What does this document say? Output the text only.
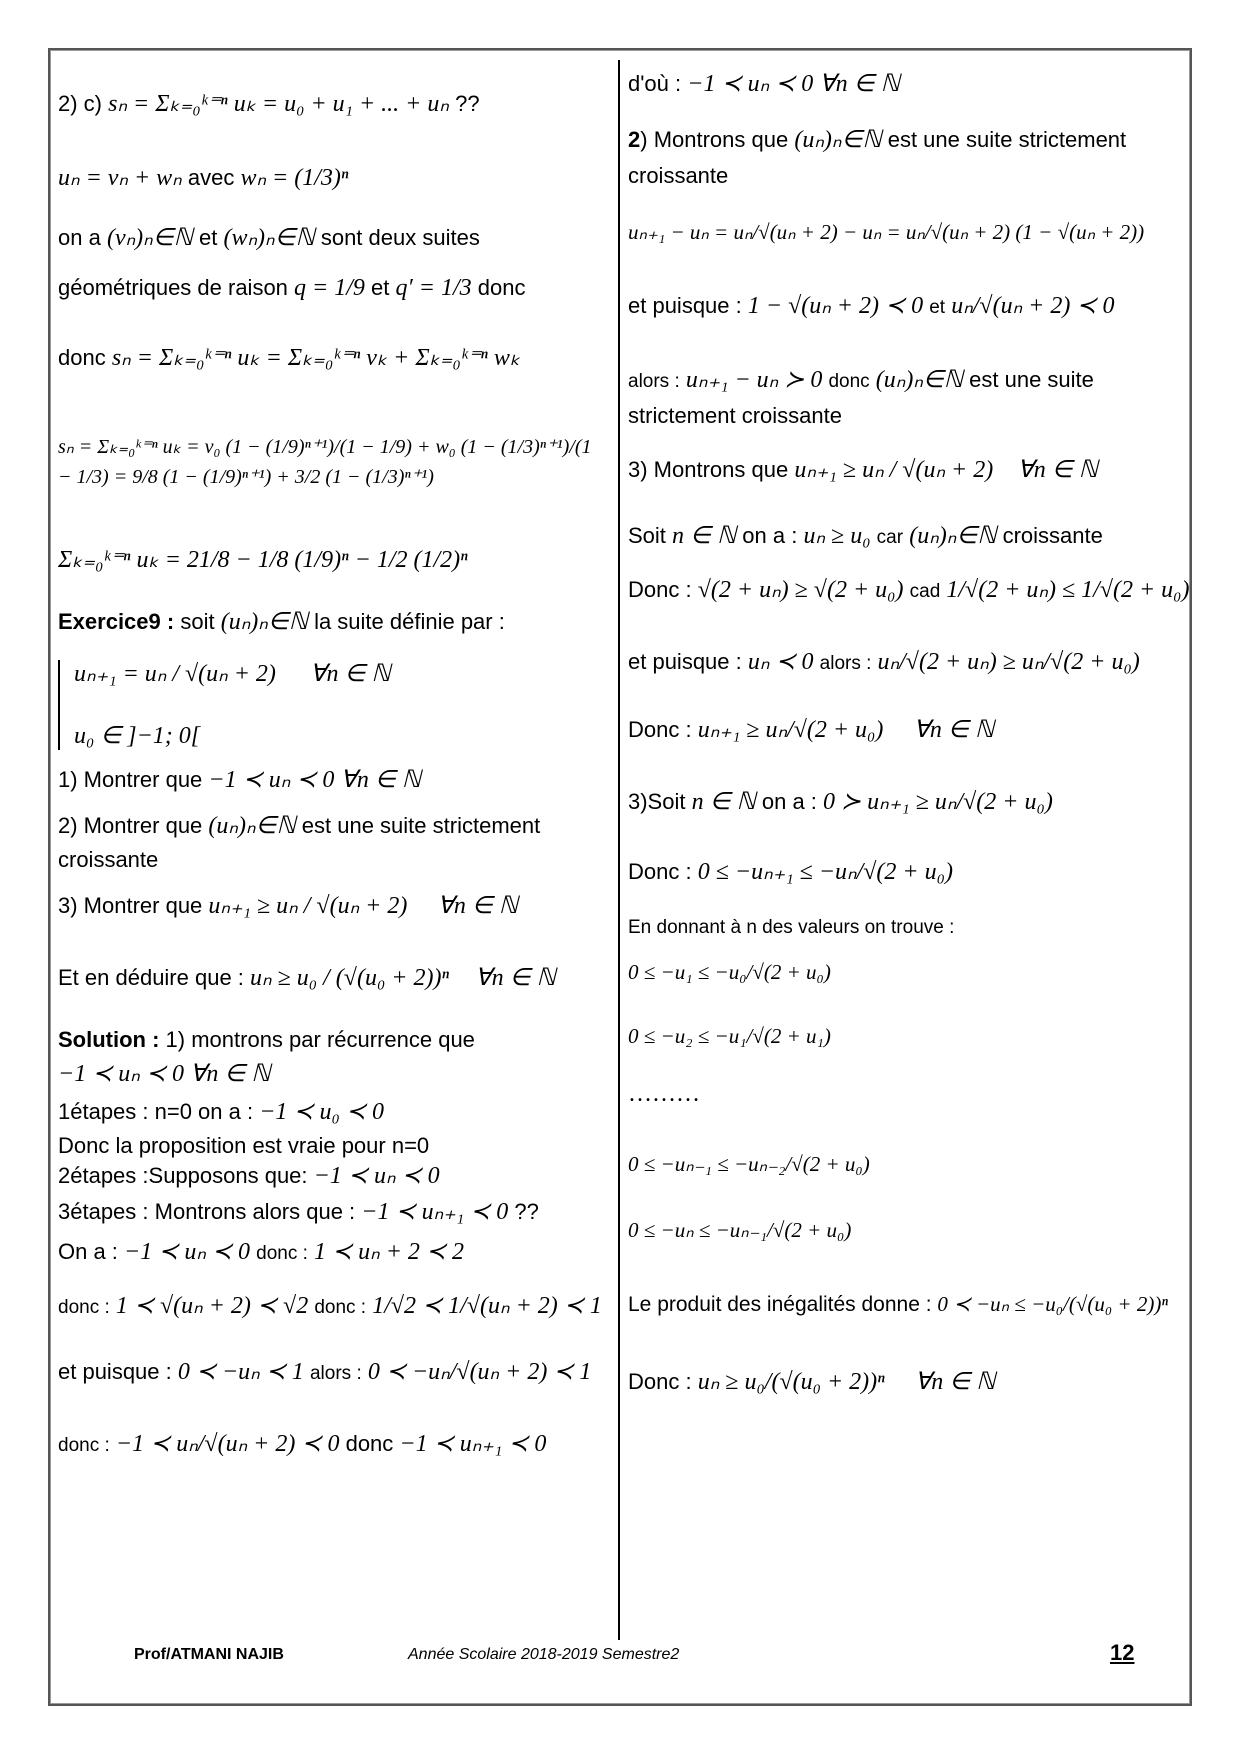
2) c) sₙ = Σₖ₌₀ᵏ⁼ⁿ uₖ = u₀ + u₁ + ... + uₙ ??
uₙ = vₙ + wₙ avec wₙ = (1/3)ⁿ
on a (vₙ)ₙ∈ℕ et (wₙ)ₙ∈ℕ sont deux suites
géométriques de raison q = 1/9 et q′ = 1/3 donc
donc sₙ = Σₖ₌₀ᵏ⁼ⁿ uₖ = Σₖ₌₀ᵏ⁼ⁿ vₖ + Σₖ₌₀ᵏ⁼ⁿ wₖ
sₙ = Σₖ₌₀ᵏ⁼ⁿ uₖ = v₀ (1 − (1/9)ⁿ⁺¹)/(1 − 1/9) + w₀ (1 − (1/3)ⁿ⁺¹)/(1 − 1/3) = 9/8 (1 − (1/9)ⁿ⁺¹) + 3/2 (1 − (1/3)ⁿ⁺¹)
Σₖ₌₀ᵏ⁼ⁿ uₖ = 21/8 − 1/8 (1/9)ⁿ − 1/2 (1/2)ⁿ
Exercice9 : soit (uₙ)ₙ∈ℕ la suite définie par :
uₙ₊₁ = uₙ / √(uₙ + 2) ∀n ∈ ℕ
u₀ ∈ ]−1; 0[
1) Montrer que −1 ≺ uₙ ≺ 0 ∀n ∈ ℕ
2) Montrer que (uₙ)ₙ∈ℕ est une suite strictement
croissante
3) Montrer que uₙ₊₁ ≥ uₙ / √(uₙ + 2) ∀n ∈ ℕ
Et en déduire que : uₙ ≥ u₀ / (√(u₀ + 2))ⁿ ∀n ∈ ℕ
Solution : 1) montrons par récurrence que
−1 ≺ uₙ ≺ 0 ∀n ∈ ℕ
1étapes : n=0 on a : −1 ≺ u₀ ≺ 0
Donc la proposition est vraie pour n=0
2étapes :Supposons que: −1 ≺ uₙ ≺ 0
3étapes : Montrons alors que : −1 ≺ uₙ₊₁ ≺ 0 ??
On a : −1 ≺ uₙ ≺ 0 donc : 1 ≺ uₙ + 2 ≺ 2
donc : 1 ≺ √(uₙ + 2) ≺ √2 donc : 1/√2 ≺ 1/√(uₙ + 2) ≺ 1
et puisque : 0 ≺ −uₙ ≺ 1 alors : 0 ≺ −uₙ/√(uₙ + 2) ≺ 1
donc : −1 ≺ uₙ/√(uₙ + 2) ≺ 0 donc −1 ≺ uₙ₊₁ ≺ 0
d'où : −1 ≺ uₙ ≺ 0 ∀n ∈ ℕ
2) Montrons que (uₙ)ₙ∈ℕ est une suite strictement
croissante
uₙ₊₁ − uₙ = uₙ/√(uₙ + 2) − uₙ = uₙ/√(uₙ + 2) (1 − √(uₙ + 2))
et puisque : 1 − √(uₙ + 2) ≺ 0 et uₙ/√(uₙ + 2) ≺ 0
alors : uₙ₊₁ − uₙ ≻ 0 donc (uₙ)ₙ∈ℕ est une suite
strictement croissante
3) Montrons que uₙ₊₁ ≥ uₙ / √(uₙ + 2) ∀n ∈ ℕ
Soit n ∈ ℕ on a : uₙ ≥ u₀ car (uₙ)ₙ∈ℕ croissante
Donc : √(2 + uₙ) ≥ √(2 + u₀) cad 1/√(2 + uₙ) ≤ 1/√(2 + u₀)
et puisque : uₙ ≺ 0 alors : uₙ/√(2 + uₙ) ≥ uₙ/√(2 + u₀)
Donc : uₙ₊₁ ≥ uₙ/√(2 + u₀) ∀n ∈ ℕ
3)Soit n ∈ ℕ on a : 0 ≻ uₙ₊₁ ≥ uₙ/√(2 + u₀)
Donc : 0 ≤ −uₙ₊₁ ≤ −uₙ/√(2 + u₀)
En donnant à n des valeurs on trouve :
0 ≤ −u₁ ≤ −u₀/√(2 + u₀)
0 ≤ −u₂ ≤ −u₁/√(2 + u₁)
………
0 ≤ −uₙ₋₁ ≤ −uₙ₋₂/√(2 + u₀)
0 ≤ −uₙ ≤ −uₙ₋₁/√(2 + u₀)
Le produit des inégalités donne : 0 ≺ −uₙ ≤ −u₀/(√(u₀ + 2))ⁿ
Donc : uₙ ≥ u₀/(√(u₀ + 2))ⁿ ∀n ∈ ℕ
Prof/ATMANI NAJIB	Année Scolaire 2018-2019 Semestre2	12
